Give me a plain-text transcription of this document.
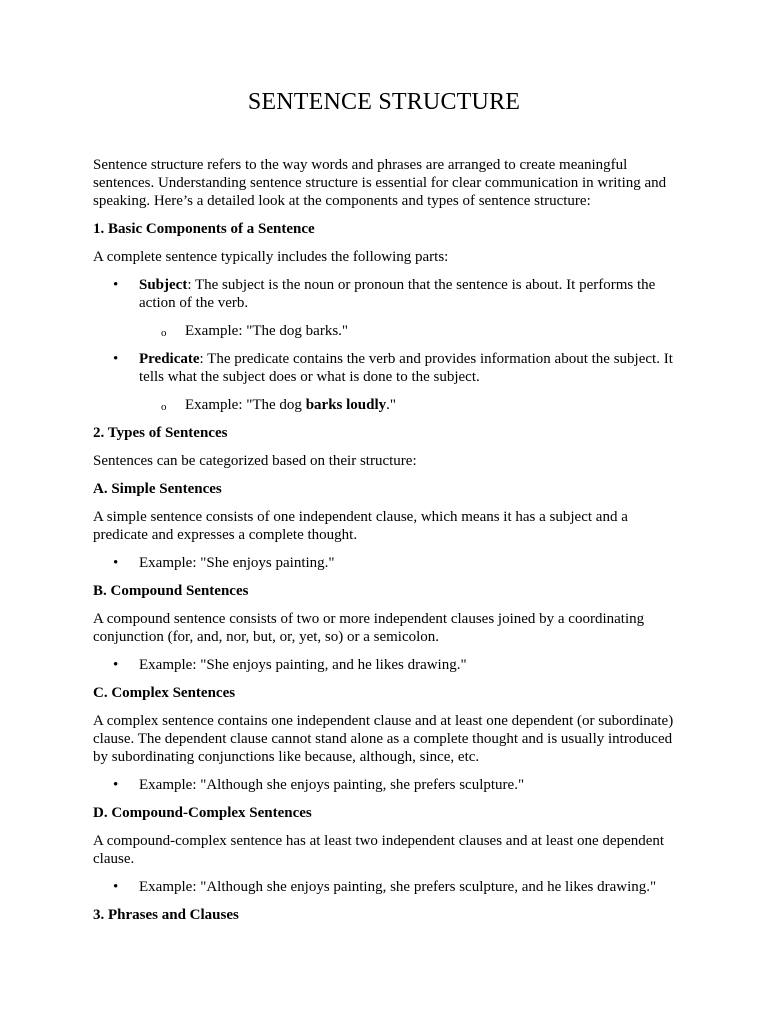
SENTENCE STRUCTURE

Sentence structure refers to the way words and phrases are arranged to create meaningful sentences. Understanding sentence structure is essential for clear communication in writing and speaking. Here’s a detailed look at the components and types of sentence structure:

1. Basic Components of a Sentence

A complete sentence typically includes the following parts:

• Subject: The subject is the noun or pronoun that the sentence is about. It performs the action of the verb.
o Example: "The dog barks."
• Predicate: The predicate contains the verb and provides information about the subject. It tells what the subject does or what is done to the subject.
o Example: "The dog barks loudly."

2. Types of Sentences

Sentences can be categorized based on their structure:

A. Simple Sentences

A simple sentence consists of one independent clause, which means it has a subject and a predicate and expresses a complete thought.

• Example: "She enjoys painting."

B. Compound Sentences

A compound sentence consists of two or more independent clauses joined by a coordinating conjunction (for, and, nor, but, or, yet, so) or a semicolon.

• Example: "She enjoys painting, and he likes drawing."

C. Complex Sentences

A complex sentence contains one independent clause and at least one dependent (or subordinate) clause. The dependent clause cannot stand alone as a complete thought and is usually introduced by subordinating conjunctions like because, although, since, etc.

• Example: "Although she enjoys painting, she prefers sculpture."

D. Compound-Complex Sentences

A compound-complex sentence has at least two independent clauses and at least one dependent clause.

• Example: "Although she enjoys painting, she prefers sculpture, and he likes drawing."

3. Phrases and Clauses
